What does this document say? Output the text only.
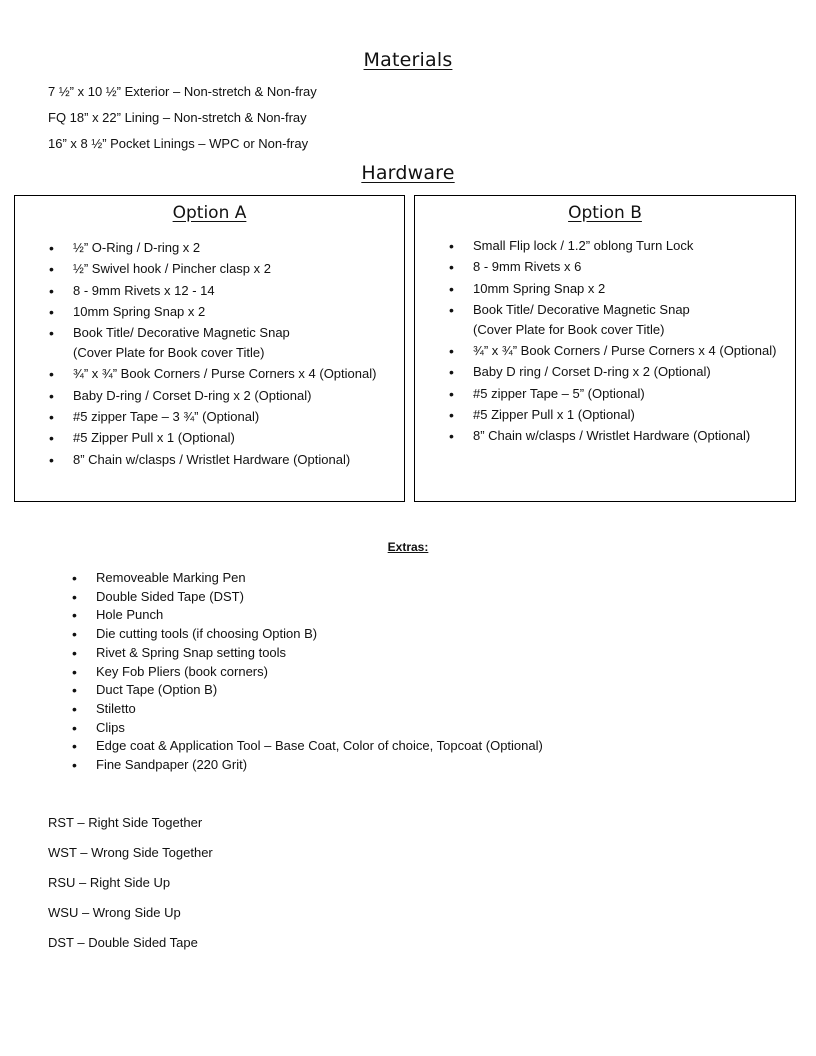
Materials
7 ½” x 10 ½” Exterior – Non-stretch & Non-fray
FQ 18” x 22” Lining – Non-stretch & Non-fray
16” x 8 ½” Pocket Linings – WPC or Non-fray
Hardware
Option A
• ½” O-Ring / D-ring x 2
• ½” Swivel hook / Pincher clasp x 2
• 8 - 9mm Rivets x 12 - 14
• 10mm Spring Snap x 2
• Book Title/ Decorative Magnetic Snap
(Cover Plate for Book cover Title)
• ¾” x ¾” Book Corners / Purse Corners x 4 (Optional)
• Baby D-ring / Corset D-ring x 2 (Optional)
• #5 zipper Tape – 3 ¾” (Optional)
• #5 Zipper Pull x 1 (Optional)
• 8” Chain w/clasps / Wristlet Hardware (Optional)
Option B
• Small Flip lock / 1.2” oblong Turn Lock
• 8 - 9mm Rivets x 6
• 10mm Spring Snap x 2
• Book Title/ Decorative Magnetic Snap
(Cover Plate for Book cover Title)
• ¾” x ¾” Book Corners / Purse Corners x 4 (Optional)
• Baby D ring / Corset D-ring x 2 (Optional)
• #5 zipper Tape – 5” (Optional)
• #5 Zipper Pull x 1 (Optional)
• 8” Chain w/clasps / Wristlet Hardware (Optional)
Extras:
• Removeable Marking Pen
• Double Sided Tape (DST)
• Hole Punch
• Die cutting tools (if choosing Option B)
• Rivet & Spring Snap setting tools
• Key Fob Pliers (book corners)
• Duct Tape (Option B)
• Stiletto
• Clips
• Edge coat & Application Tool – Base Coat, Color of choice, Topcoat (Optional)
• Fine Sandpaper (220 Grit)
RST – Right Side Together
WST – Wrong Side Together
RSU – Right Side Up
WSU – Wrong Side Up
DST – Double Sided Tape
